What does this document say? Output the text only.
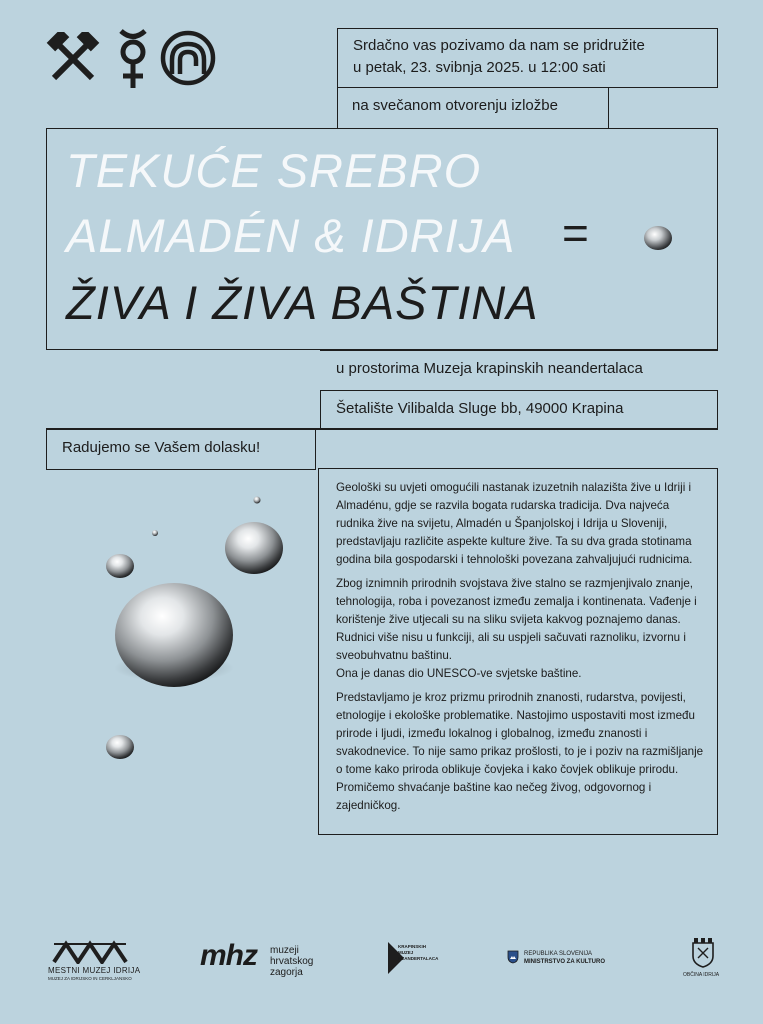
Srdačno vas pozivamo da nam se pridružite
u petak, 23. svibnja 2025. u 12:00 sati
na svečanom otvorenju izložbe
TEKUĆE SREBRO
ALMADÉN & IDRIJA =
ŽIVA I ŽIVA BAŠTINA
u prostorima Muzeja krapinskih neandertalaca
Šetalište Vilibalda Sluge bb, 49000 Krapina
Radujemo se Vašem dolasku!

Geološki su uvjeti omogućili nastanak izuzetnih nalazišta žive u Idriji i Almadénu, gdje se razvila bogata rudarska tradicija. Dva najveća rudnika žive na svijetu, Almadén u Španjolskoj i Idrija u Sloveniji, predstavljaju različite aspekte kulture žive. Ta su dva grada stotinama godina bila gospodarski i tehnološki povezana zahvaljujući rudnicima.

Zbog iznimnih prirodnih svojstava žive stalno se razmjenjivalo znanje, tehnologija, roba i povezanost između zemalja i kontinenata. Vađenje i korištenje žive utjecali su na sliku svijeta kakvog poznajemo danas. Rudnici više nisu u funkciji, ali su uspjeli sačuvati raznoliku, izvornu i sveobuhvatnu baštinu.

Ona je danas dio UNESCO-ve svjetske baštine.

Predstavljamo je kroz prizmu prirodnih znanosti, rudarstva, povijesti, etnologije i ekološke problematike. Nastojimo uspostaviti most između prirode i ljudi, između lokalnog i globalnog, između znanosti i svakodnevice. To nije samo prikaz prošlosti, to je i poziv na razmišljanje o tome kako priroda oblikuje čovjeka i kako čovjek oblikuje prirodu. Promičemo shvaćanje baštine kao nečeg živog, odgovornog i zajedničkog.

MESTNI MUZEJ IDRIJA
MUZEJ ZA IDRIJSKO IN CERKLJANSKO
mhz muzeji
hrvatskog
zagorja
KRAPINSKIH
MUZEJ
NEANDERTALACA
REPUBLIKA SLOVENIJA
MINISTRSTVO ZA KULTURO
OBČINA IDRIJA
